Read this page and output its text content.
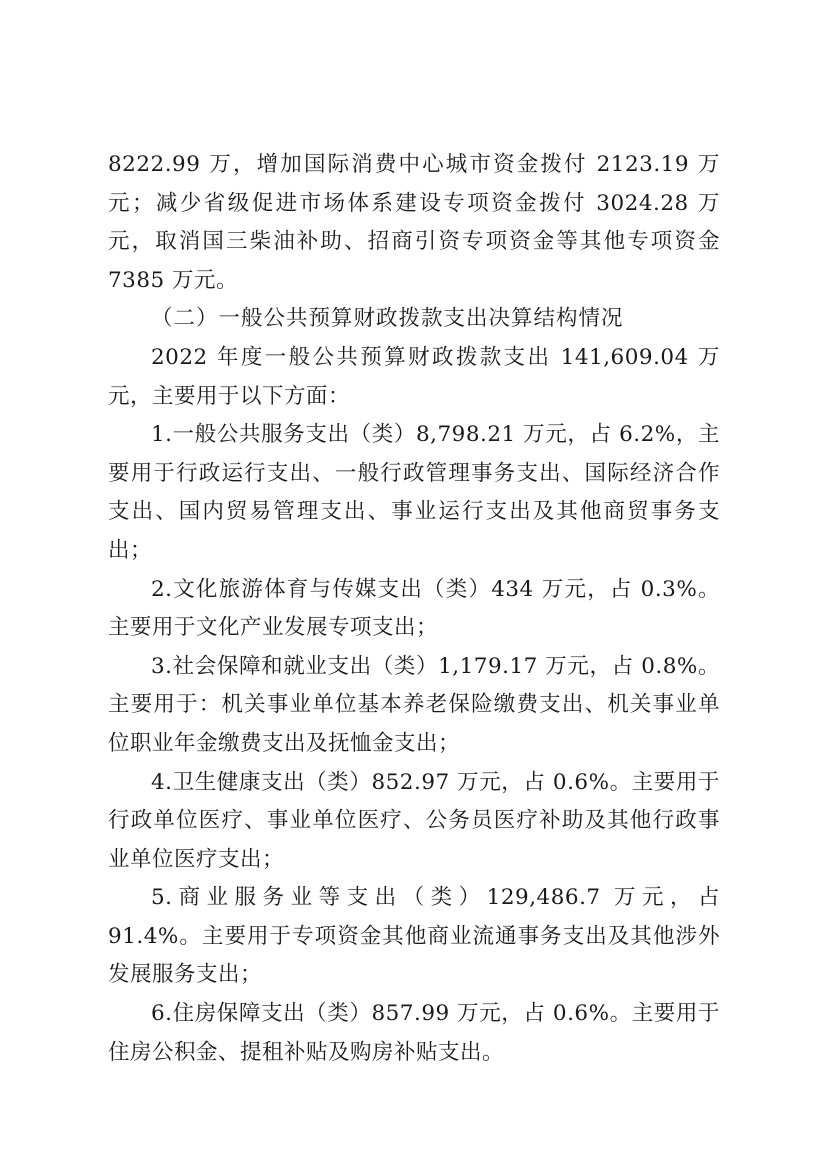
8222.99 万，增加国际消费中心城市资金拨付 2123.19 万元；减少省级促进市场体系建设专项资金拨付 3024.28 万元，取消国三柴油补助、招商引资专项资金等其他专项资金 7385 万元。

（二）一般公共预算财政拨款支出决算结构情况

2022 年度一般公共预算财政拨款支出 141,609.04 万元，主要用于以下方面：

1.一般公共服务支出（类）8,798.21 万元，占 6.2%，主要用于行政运行支出、一般行政管理事务支出、国际经济合作支出、国内贸易管理支出、事业运行支出及其他商贸事务支出；

2.文化旅游体育与传媒支出（类）434 万元，占 0.3%。主要用于文化产业发展专项支出；

3.社会保障和就业支出（类）1,179.17 万元，占 0.8%。主要用于：机关事业单位基本养老保险缴费支出、机关事业单位职业年金缴费支出及抚恤金支出；

4.卫生健康支出（类）852.97 万元，占 0.6%。主要用于行政单位医疗、事业单位医疗、公务员医疗补助及其他行政事业单位医疗支出；

5.商业服务业等支出（类）129,486.7 万元，占 91.4%。主要用于专项资金其他商业流通事务支出及其他涉外发展服务支出；

6.住房保障支出（类）857.99 万元，占 0.6%。主要用于住房公积金、提租补贴及购房补贴支出。
